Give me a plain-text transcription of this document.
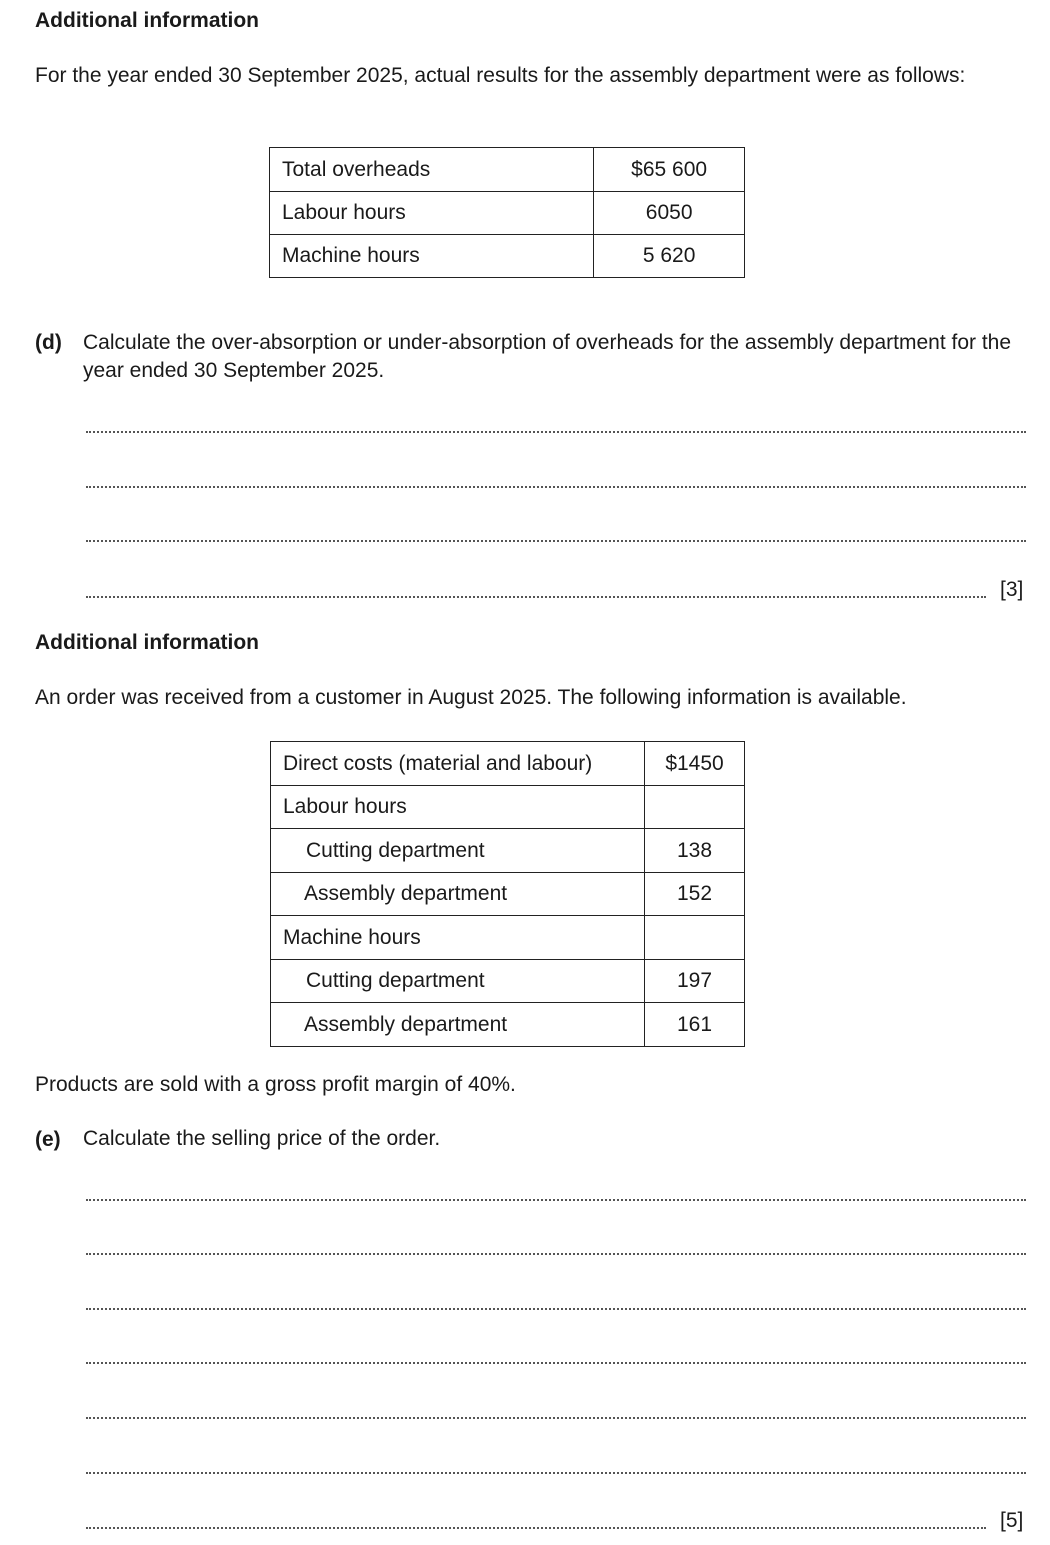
Additional information
For the year ended 30 September 2025, actual results for the assembly department were as follows:
Total overheads	$65 600
Labour hours	6050
Machine hours	5 620
(d) Calculate the over-absorption or under-absorption of overheads for the assembly department for the year ended 30 September 2025.
[3]
Additional information
An order was received from a customer in August 2025. The following information is available.
Direct costs (material and labour)	$1450
Labour hours	
Cutting department	138
Assembly department	152
Machine hours	
Cutting department	197
Assembly department	161
Products are sold with a gross profit margin of 40%.
(e) Calculate the selling price of the order.
[5]
